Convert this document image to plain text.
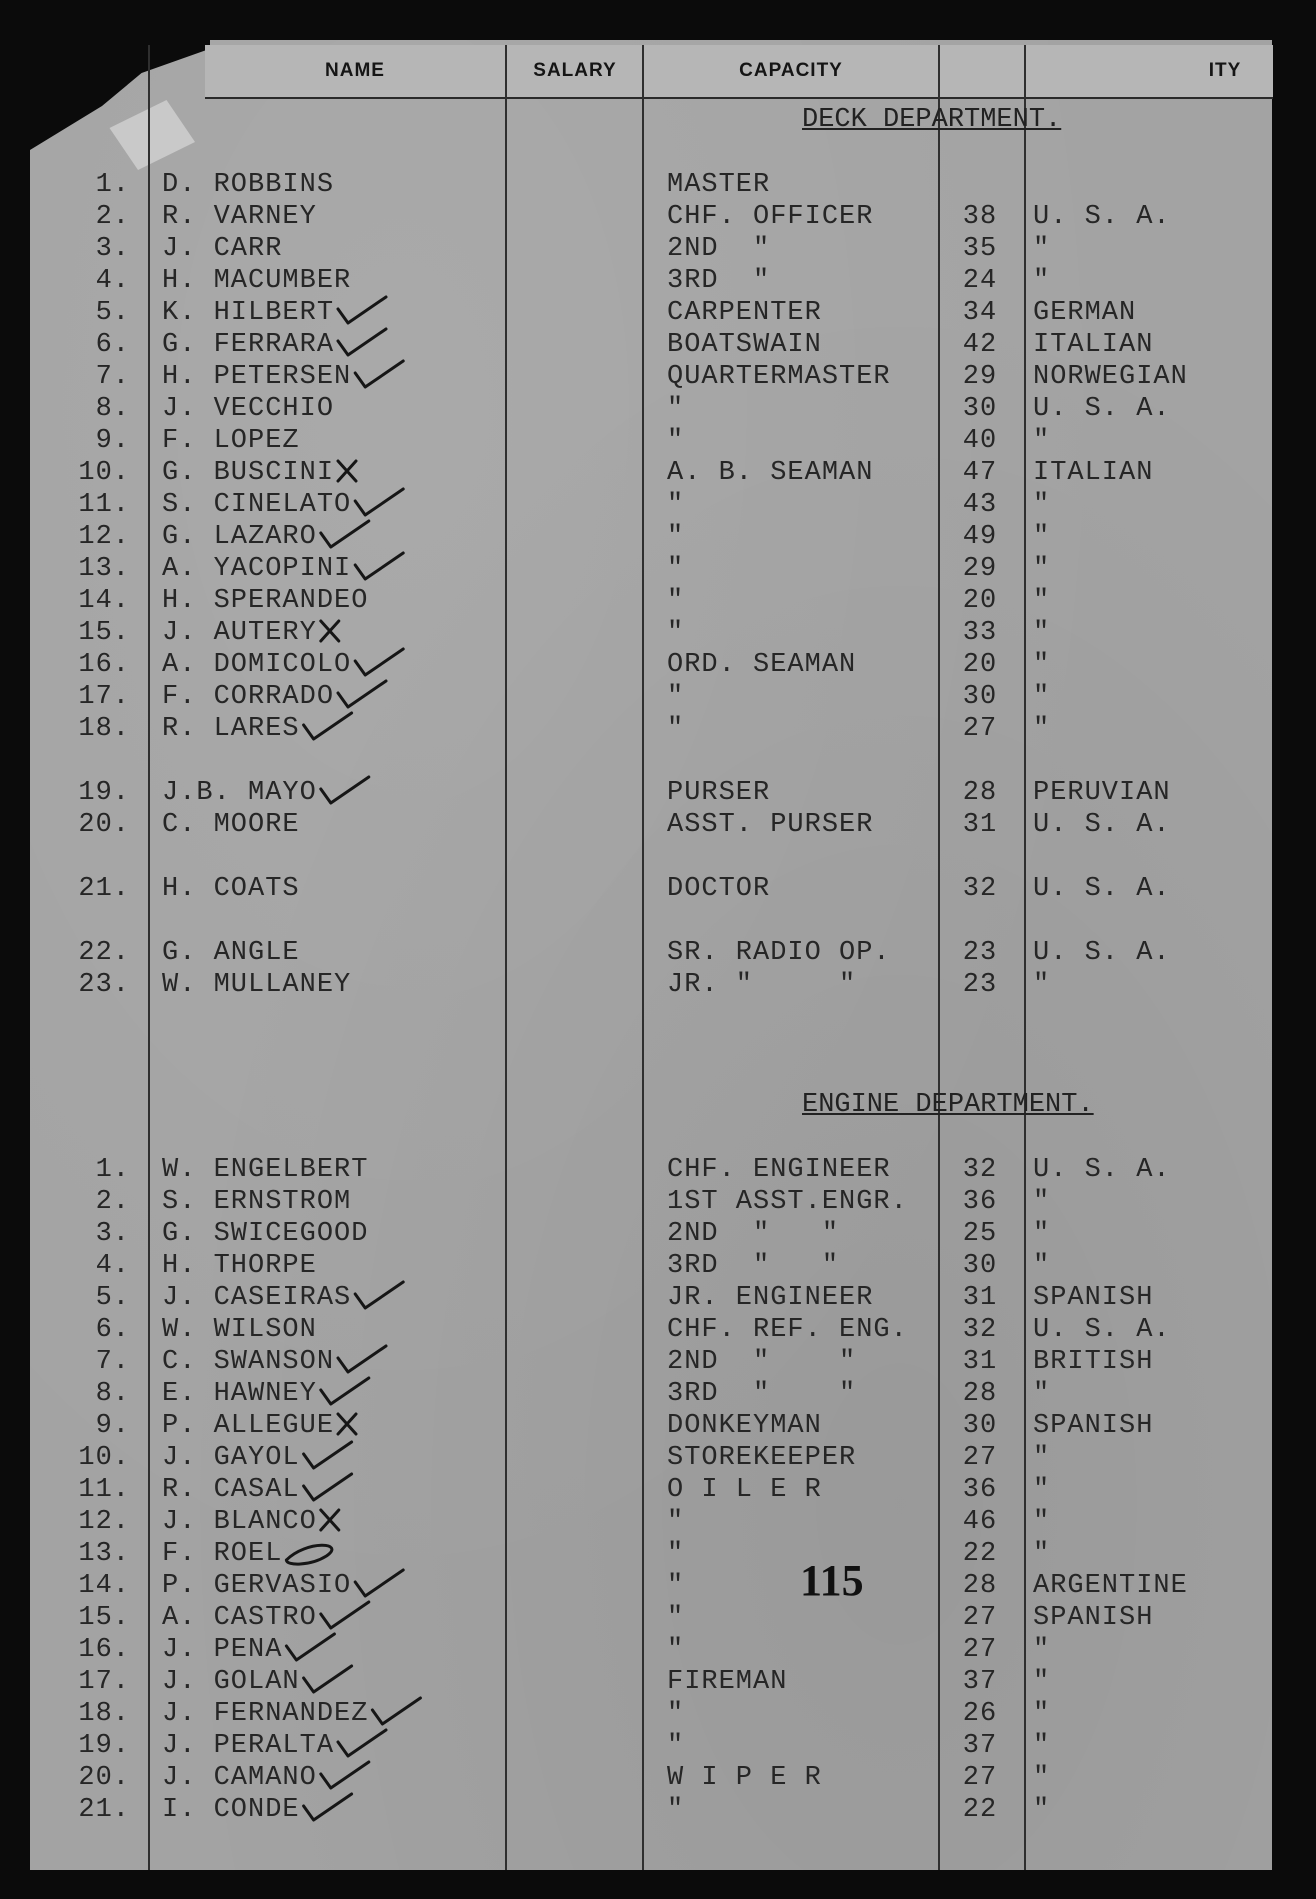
NAME	SALARY	CAPACITY	ITY
DECK DEPARTMENT.
ENGINE DEPARTMENT.
1. D. ROBBINS	MASTER
2. R. VARNEY	CHF. OFFICER	38 U. S. A.
3. J. CARR	2ND  "	35 "
4. H. MACUMBER	3RD  "	24 "
5. K. HILBERT	CARPENTER	34 GERMAN
6. G. FERRARA	BOATSWAIN	42 ITALIAN
7. H. PETERSEN	QUARTERMASTER	29 NORWEGIAN
8. J. VECCHIO	"	30 U. S. A.
9. F. LOPEZ	"	40 "
10. G. BUSCINI	A. B. SEAMAN	47 ITALIAN
11. S. CINELATO	"	43 "
12. G. LAZARO	"	49 "
13. A. YACOPINI	"	29 "
14. H. SPERANDEO	"	20 "
15. J. AUTERY	"	33 "
16. A. DOMICOLO	ORD. SEAMAN	20 "
17. F. CORRADO	"	30 "
18. R. LARES	"	27 "
19. J.B. MAYO	PURSER	28 PERUVIAN
20. C. MOORE	ASST. PURSER	31 U. S. A.
21. H. COATS	DOCTOR	32 U. S. A.
22. G. ANGLE	SR. RADIO OP.	23 U. S. A.
23. W. MULLANEY	JR. "     "	23 "
1. W. ENGELBERT	CHF. ENGINEER	32 U. S. A.
2. S. ERNSTROM	1ST ASST.ENGR. 36 "
3. G. SWICEGOOD	2ND  "   "	25 "
4. H. THORPE	3RD  "   "	30 "
5. J. CASEIRAS	JR. ENGINEER	31 SPANISH
6. W. WILSON	CHF. REF. ENG. 32 U. S. A.
7. C. SWANSON	2ND  "    "	31 BRITISH
8. E. HAWNEY	3RD  "    "	28 "
9. P. ALLEGUE	DONKEYMAN	30 SPANISH
10. J. GAYOL	STOREKEEPER	27 "
11. R. CASAL	O I L E R	36 "
12. J. BLANCO	"	46 "
13. F. ROEL	"	22 "
14. P. GERVASIO	"	28 ARGENTINE
15. A. CASTRO	"	27 SPANISH
16. J. PENA	"	27 "
17. J. GOLAN	FIREMAN	37 "
18. J. FERNANDEZ	"	26 "
19. J. PERALTA	"	37 "
20. J. CAMANO	W I P E R	27 "
21. I. CONDE	"	22 "
115
